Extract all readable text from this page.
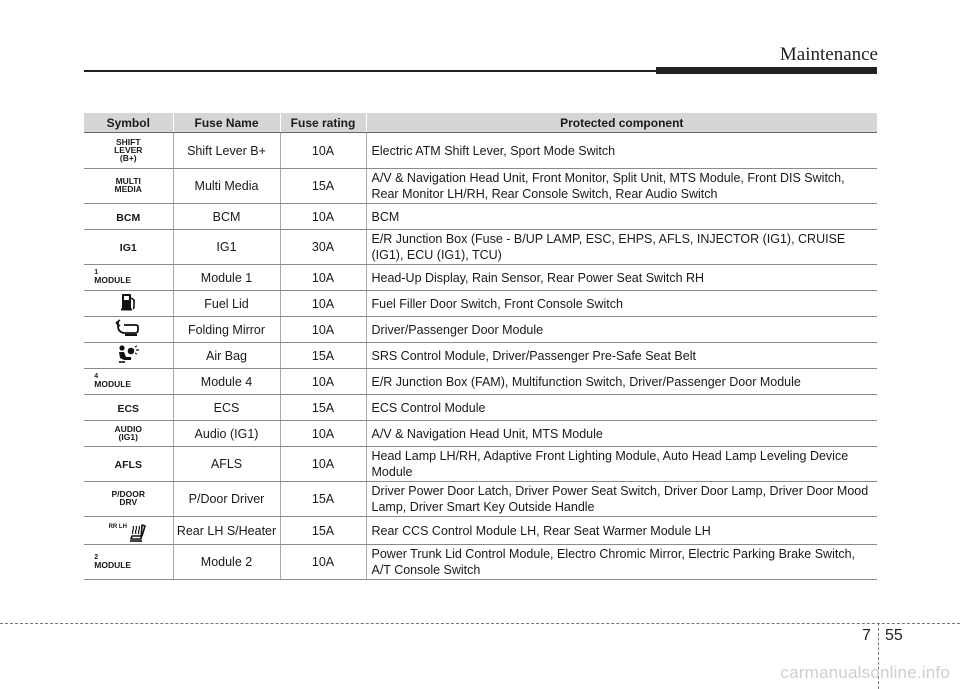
Maintenance
Symbol	Fuse Name	Fuse rating	Protected component
SHIFT
LEVER
(B+)	Shift Lever B+	10A	Electric ATM Shift Lever, Sport Mode Switch
MULTI
MEDIA	Multi Media	15A	A/V & Navigation Head Unit, Front Monitor, Split Unit, MTS Module, Front DIS Switch, Rear Monitor LH/RH, Rear Console Switch, Rear Audio Switch
BCM	BCM	10A	BCM
IG1	IG1	30A	E/R Junction Box (Fuse - B/UP LAMP, ESC, EHPS, AFLS, INJECTOR (IG1), CRUISE (IG1), ECU (IG1), TCU)

1
MODULE	Module 1	10A	Head-Up Display, Rain Sensor, Rear Power Seat Switch RH
	Fuel Lid	10A	Fuel Filler Door Switch, Front Console Switch
	Folding Mirror	10A	Driver/Passenger Door Module
	Air Bag	15A	SRS Control Module, Driver/Passenger Pre-Safe Seat Belt

4
MODULE	Module 4	10A	E/R Junction Box (FAM), Multifunction Switch, Driver/Passenger Door Module
ECS	ECS	15A	ECS Control Module
AUDIO
(IG1)	Audio (IG1)	10A	A/V & Navigation Head Unit, MTS Module
AFLS	AFLS	10A	Head Lamp LH/RH, Adaptive Front Lighting Module, Auto Head Lamp Leveling Device Module
P/DOOR
DRV	P/Door Driver	15A	Driver Power Door Latch, Driver Power Seat Switch, Driver Door Lamp, Driver Door Mood Lamp, Driver Smart Key Outside Handle

RR LH	Rear LH S/Heater	15A	Rear CCS Control Module LH, Rear Seat Warmer Module LH

2
MODULE	Module 2	10A	Power Trunk Lid Control Module, Electro Chromic Mirror, Electric Parking Brake Switch, A/T Console Switch
7 55
carmanualsonline.info
